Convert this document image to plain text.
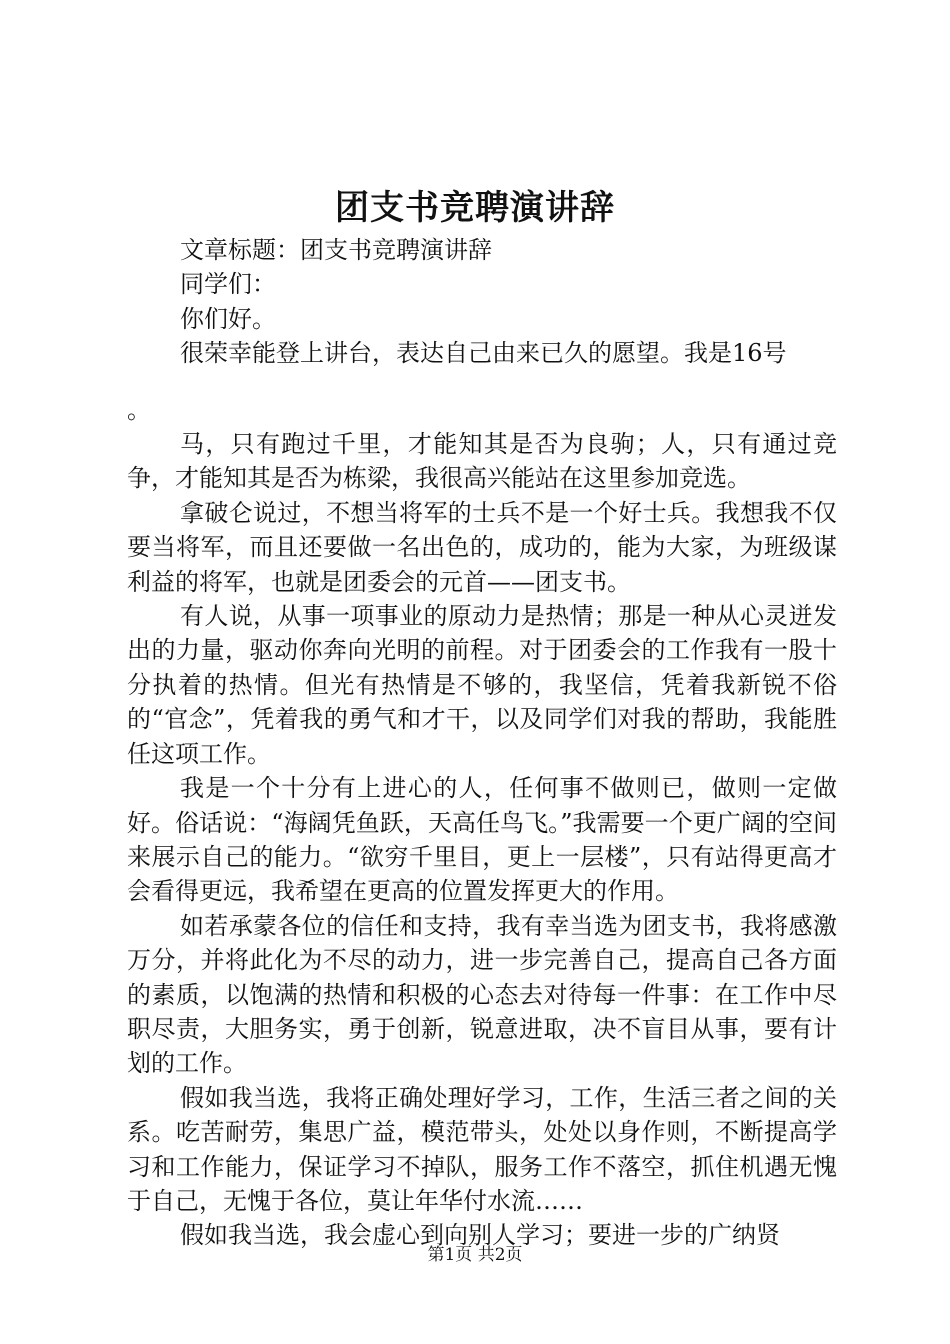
团支书竞聘演讲辞

文章标题：团支书竞聘演讲辞

同学们：

你们好。

很荣幸能登上讲台，表达自己由来已久的愿望。我是16号

。

马，只有跑过千里，才能知其是否为良驹；人，只有通过竞争，才能知其是否为栋梁，我很高兴能站在这里参加竞选。

拿破仑说过，不想当将军的士兵不是一个好士兵。我想我不仅要当将军，而且还要做一名出色的，成功的，能为大家，为班级谋利益的将军，也就是团委会的元首——团支书。

有人说，从事一项事业的原动力是热情；那是一种从心灵迸发出的力量，驱动你奔向光明的前程。对于团委会的工作我有一股十分执着的热情。但光有热情是不够的，我坚信，凭着我新锐不俗的“官念”，凭着我的勇气和才干，以及同学们对我的帮助，我能胜任这项工作。

我是一个十分有上进心的人，任何事不做则已，做则一定做好。俗话说：“海阔凭鱼跃，天高任鸟飞。”我需要一个更广阔的空间来展示自己的能力。“欲穷千里目，更上一层楼”，只有站得更高才会看得更远，我希望在更高的位置发挥更大的作用。

如若承蒙各位的信任和支持，我有幸当选为团支书，我将感激万分，并将此化为不尽的动力，进一步完善自己，提高自己各方面的素质，以饱满的热情和积极的心态去对待每一件事：在工作中尽职尽责，大胆务实，勇于创新，锐意进取，决不盲目从事，要有计划的工作。

假如我当选，我将正确处理好学习，工作，生活三者之间的关系。吃苦耐劳，集思广益，模范带头，处处以身作则，不断提高学习和工作能力，保证学习不掉队，服务工作不落空，抓住机遇无愧于自己，无愧于各位，莫让年华付水流……

假如我当选，我会虚心到向别人学习；要进一步的广纳贤

第1页 共2页
